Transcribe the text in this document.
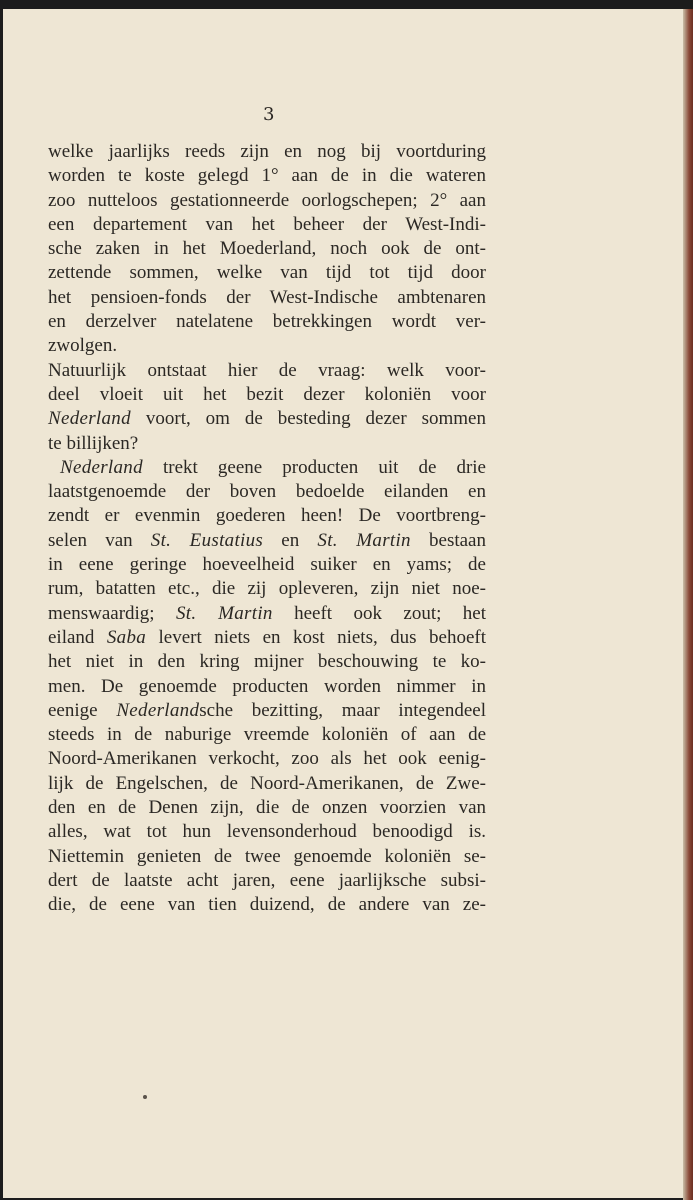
3
welke jaarlijks reeds zijn en nog bij voortduring
worden te koste gelegd 1° aan de in die wateren
zoo nutteloos gestationneerde oorlogschepen; 2° aan
een departement van het beheer der West-Indi-
sche zaken in het Moederland, noch ook de ont-
zettende sommen, welke van tijd tot tijd door
het pensioen-fonds der West-Indische ambtenaren
en derzelver natelatene betrekkingen wordt ver-
zwolgen.
Natuurlijk ontstaat hier de vraag: welk voor-
deel vloeit uit het bezit dezer koloniën voor
Nederland voort, om de besteding dezer sommen
te billijken?
Nederland trekt geene producten uit de drie
laatstgenoemde der boven bedoelde eilanden en
zendt er evenmin goederen heen! De voortbreng-
selen van St. Eustatius en St. Martin bestaan
in eene geringe hoeveelheid suiker en yams; de
rum, batatten etc., die zij opleveren, zijn niet noe-
menswaardig; St. Martin heeft ook zout; het
eiland Saba levert niets en kost niets, dus behoeft
het niet in den kring mijner beschouwing te ko-
men. De genoemde producten worden nimmer in
eenige Nederlandsche bezitting, maar integendeel
steeds in de naburige vreemde koloniën of aan de
Noord-Amerikanen verkocht, zoo als het ook eenig-
lijk de Engelschen, de Noord-Amerikanen, de Zwe-
den en de Denen zijn, die de onzen voorzien van
alles, wat tot hun levensonderhoud benoodigd is.
Niettemin genieten de twee genoemde koloniën se-
dert de laatste acht jaren, eene jaarlijksche subsi-
die, de eene van tien duizend, de andere van ze-
